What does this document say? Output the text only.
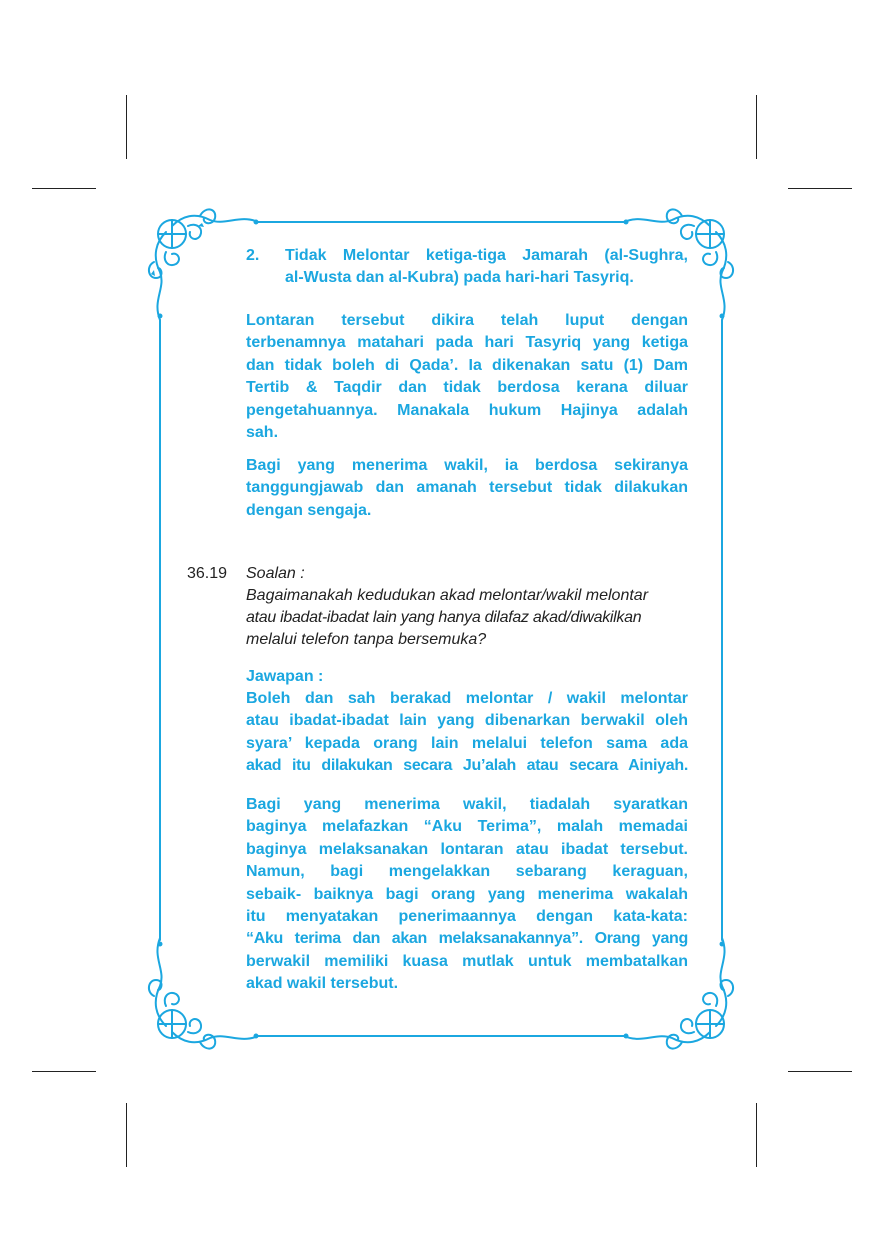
2. Tidak Melontar ketiga-tiga Jamarah (al-Sughra,
al-Wusta dan al-Kubra) pada hari-hari Tasyriq.
Lontaran tersebut dikira telah luput dengan
terbenamnya matahari pada hari Tasyriq yang ketiga
dan tidak boleh di Qada’. Ia dikenakan satu (1) Dam
Tertib & Taqdir dan tidak berdosa kerana diluar
pengetahuannya. Manakala hukum Hajinya adalah
sah.
Bagi yang menerima wakil, ia berdosa sekiranya
tanggungjawab dan amanah tersebut tidak dilakukan
dengan sengaja.
36.19 Soalan :
Bagaimanakah kedudukan akad melontar/wakil melontar
atau ibadat-ibadat lain yang hanya dilafaz akad/diwakilkan
melalui telefon tanpa bersemuka?
Jawapan :
Boleh dan sah berakad melontar / wakil melontar
atau ibadat-ibadat lain yang dibenarkan berwakil oleh
syara’ kepada orang lain melalui telefon sama ada
akad itu dilakukan secara Ju’alah atau secara Ainiyah.
Bagi yang menerima wakil, tiadalah syaratkan
baginya melafazkan “Aku Terima”, malah memadai
baginya melaksanakan lontaran atau ibadat tersebut.
Namun, bagi mengelakkan sebarang keraguan,
sebaik- baiknya bagi orang yang menerima wakalah
itu menyatakan penerimaannya dengan kata-kata:
“Aku terima dan akan melaksanakannya”. Orang yang
berwakil memiliki kuasa mutlak untuk membatalkan
akad wakil tersebut.
